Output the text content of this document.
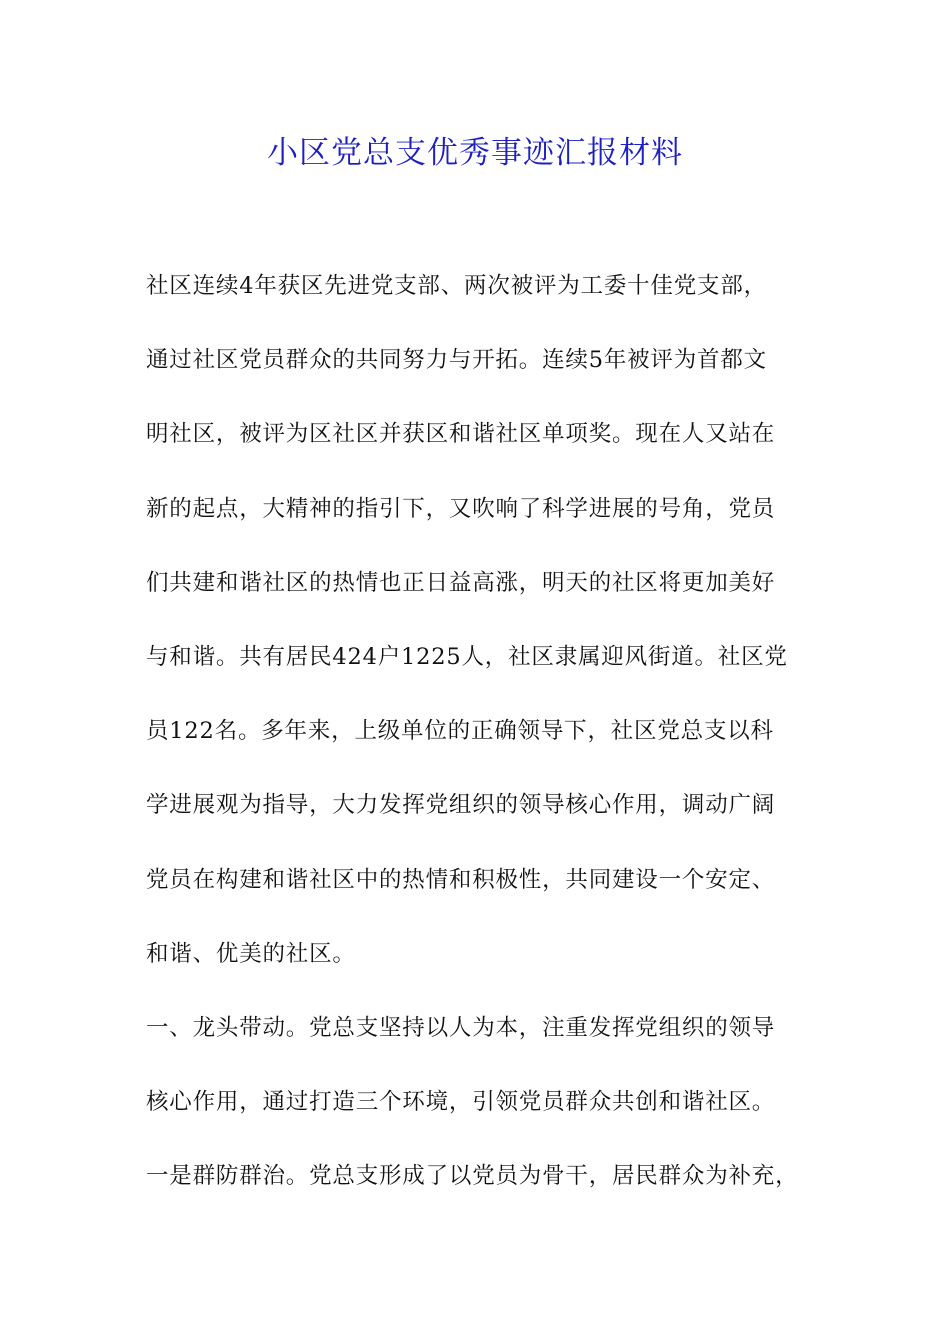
小区党总支优秀事迹汇报材料
社区连续4年获区先进党支部、两次被评为工委十佳党支部，
通过社区党员群众的共同努力与开拓。连续5年被评为首都文
明社区，被评为区社区并获区和谐社区单项奖。现在人又站在
新的起点，大精神的指引下，又吹响了科学进展的号角，党员
们共建和谐社区的热情也正日益高涨，明天的社区将更加美好
与和谐。共有居民424户1225人，社区隶属迎风街道。社区党
员122名。多年来，上级单位的正确领导下，社区党总支以科
学进展观为指导，大力发挥党组织的领导核心作用，调动广阔
党员在构建和谐社区中的热情和积极性，共同建设一个安定、
和谐、优美的社区。
一、龙头带动。党总支坚持以人为本，注重发挥党组织的领导
核心作用，通过打造三个环境，引领党员群众共创和谐社区。
一是群防群治。党总支形成了以党员为骨干，居民群众为补充，
